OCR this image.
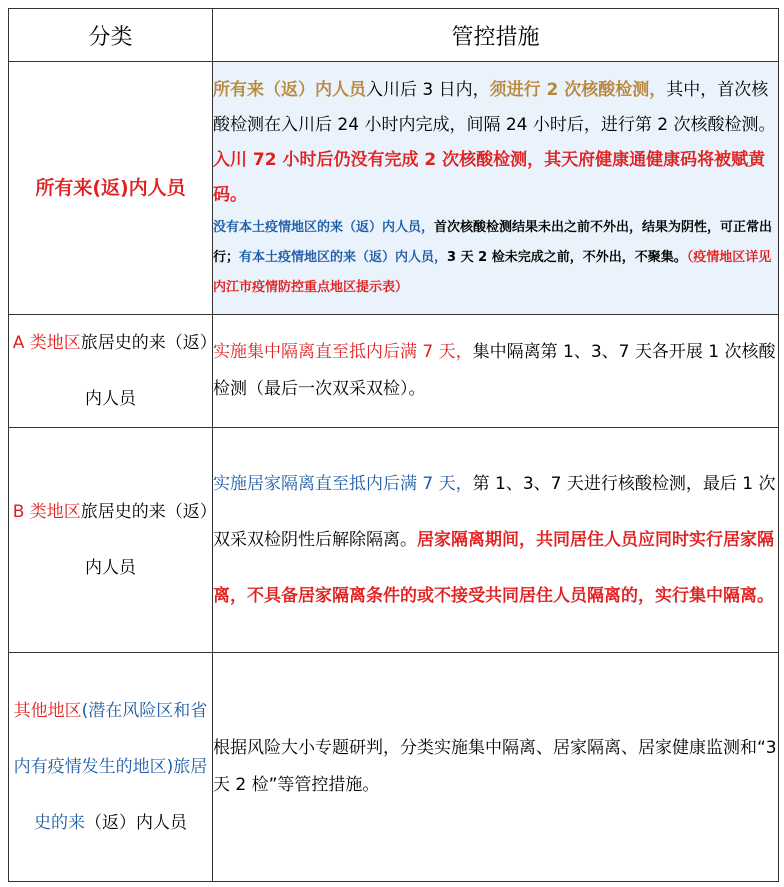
分类	管控措施
所有来(返)内人员	所有来（返）内人员入川后 3 日内，须进行 2 次核酸检测，其中，首次核酸检测在入川后 24 小时内完成，间隔 24 小时后，进行第 2 次核酸检测。入川 72 小时后仍没有完成 2 次核酸检测，其天府健康通健康码将被赋黄码。
没有本土疫情地区的来（返）内人员，首次核酸检测结果未出之前不外出，结果为阴性，可正常出行；有本土疫情地区的来（返）内人员，3 天 2 检未完成之前，不外出，不聚集。（疫情地区详见内江市疫情防控重点地区提示表）

A 类地区旅居史的来（返）内人员	实施集中隔离直至抵内后满 7 天，集中隔离第 1、3、7 天各开展 1 次核酸检测（最后一次双采双检）。
B 类地区旅居史的来（返）内人员	实施居家隔离直至抵内后满 7 天，第 1、3、7 天进行核酸检测，最后 1 次双采双检阴性后解除隔离。居家隔离期间，共同居住人员应同时实行居家隔离，不具备居家隔离条件的或不接受共同居住人员隔离的，实行集中隔离。
其他地区(潜在风险区和省内有疫情发生的地区)旅居史的来（返）内人员	根据风险大小专题研判，分类实施集中隔离、居家隔离、居家健康监测和“3 天 2 检”等管控措施。
